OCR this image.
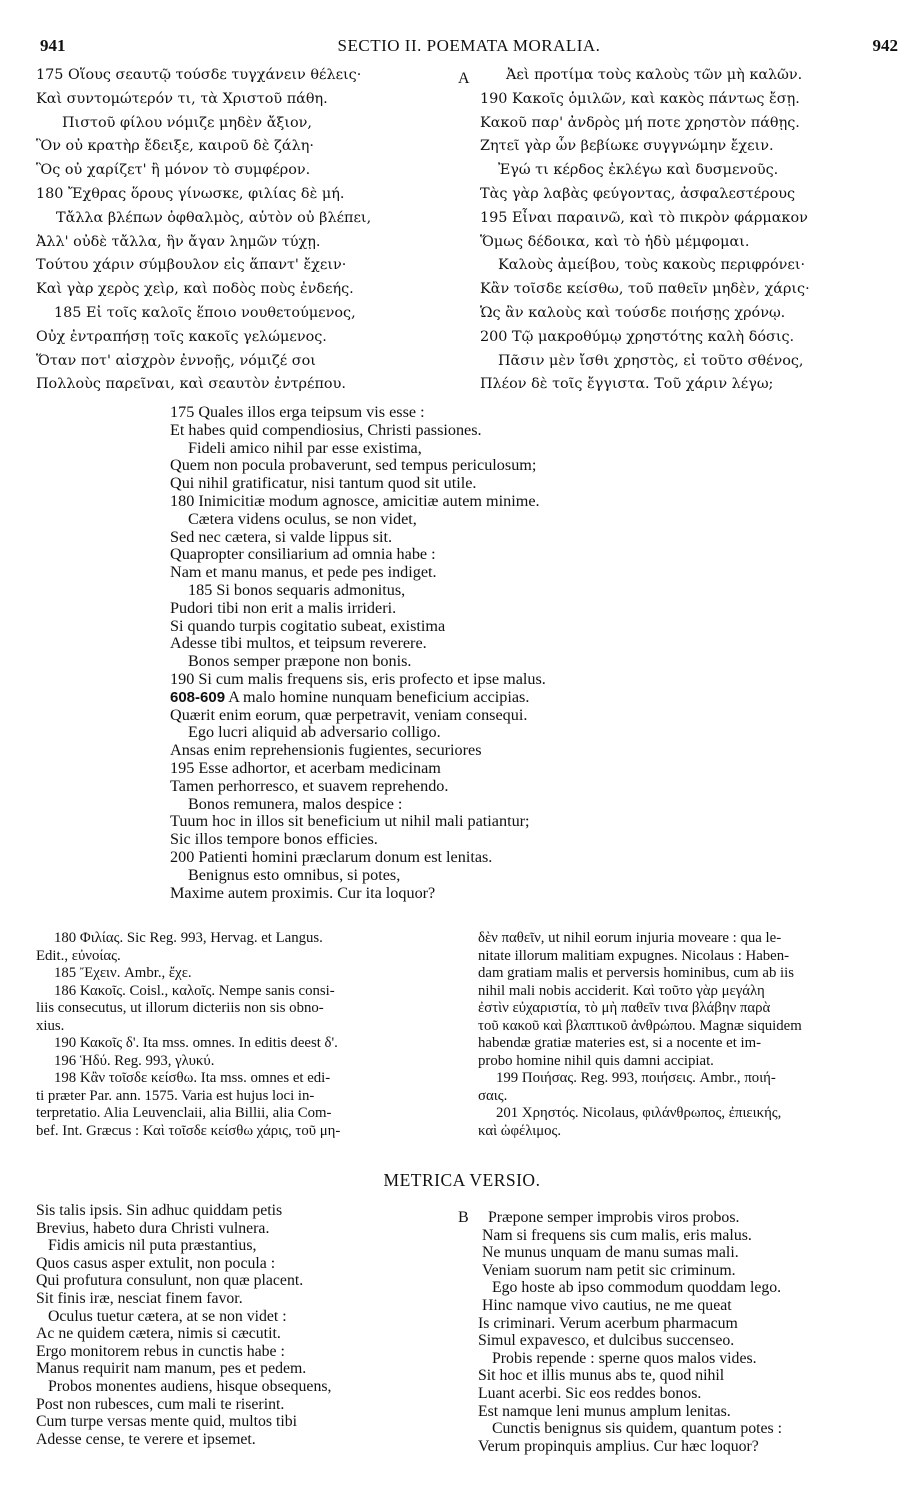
941	SECTIO II. POEMATA MORALIA.	942
175 Οἵους σεαυτῷ τούσδε τυγχάνειν θέλεις·
Καὶ συντομώτερόν τι, τὰ Χριστοῦ πάθη.
Πιστοῦ φίλου νόμιζε μηδὲν ἄξιον,
Ὃν οὐ κρατὴρ ἔδειξε, καιροῦ δὲ ζάλη·
Ὃς οὐ χαρίζετ' ἢ μόνον τὸ συμφέρον.
180 Ἔχθρας ὅρους γίνωσκε, φιλίας δὲ μή.
Τἄλλα βλέπων ὀφθαλμὸς, αὑτὸν οὐ βλέπει,
Ἀλλ' οὐδὲ τἄλλα, ἣν ἄγαν λημῶν τύχῃ.
Τούτου χάριν σύμβουλον εἰς ἅπαντ' ἔχειν·
Καὶ γὰρ χερὸς χεὶρ, καὶ ποδὸς ποὺς ἐνδεής.
185 Εἰ τοῖς καλοῖς ἕποιο νουθετούμενος,
Οὐχ ἐντραπήσῃ τοῖς κακοῖς γελώμενος.
Ὅταν ποτ' αἰσχρὸν ἐννοῇς, νόμιζέ σοι
Πολλοὺς παρεῖναι, καὶ σεαυτὸν ἐντρέπου.
A	Ἀεὶ προτίμα τοὺς καλοὺς τῶν μὴ καλῶν.
190 Κακοῖς ὁμιλῶν, καὶ κακὸς πάντως ἔσῃ.
Κακοῦ παρ' ἀνδρὸς μή ποτε χρηστὸν πάθῃς.
Ζητεῖ γὰρ ὧν βεβίωκε συγγνώμην ἔχειν.
Ἐγώ τι κέρδος ἐκλέγω καὶ δυσμενοῦς.
Τὰς γὰρ λαβὰς φεύγοντας, ἀσφαλεστέρους
195 Εἶναι παραινῶ, καὶ τὸ πικρὸν φάρμακον
Ὅμως δέδοικα, καὶ τὸ ἡδὺ μέμφομαι.
Καλοὺς ἀμείβου, τοὺς κακοὺς περιφρόνει·
Κἂν τοῖσδε κείσθω, τοῦ παθεῖν μηδὲν, χάρις·
Ὡς ἂν καλοὺς καὶ τούσδε ποιήσῃς χρόνῳ.
200 Τῷ μακροθύμῳ χρηστότης καλὴ δόσις.
Πᾶσιν μὲν ἴσθι χρηστὸς, εἰ τοῦτο σθένος,
Πλέον δὲ τοῖς ἔγγιστα. Τοῦ χάριν λέγω;
175 Quales illos erga teipsum vis esse :
Et habes quid compendiosius, Christi passiones.
Fideli amico nihil par esse existima,
Quem non pocula probaverunt, sed tempus periculosum;
Qui nihil gratificatur, nisi tantum quod sit utile.
180 Inimicitiæ modum agnosce, amicitiæ autem minime.
Cætera videns oculus, se non videt,
Sed nec cætera, si valde lippus sit.
Quapropter consiliarium ad omnia habe :
Nam et manu manus, et pede pes indiget.
185 Si bonos sequaris admonitus,
Pudori tibi non erit a malis irrideri.
Si quando turpis cogitatio subeat, existima
Adesse tibi multos, et teipsum reverere.
Bonos semper præpone non bonis.
190 Si cum malis frequens sis, eris profecto et ipse malus.
608-609 A malo homine nunquam beneficium accipias.
Quærit enim eorum, quæ perpetravit, veniam consequi.
Ego lucri aliquid ab adversario colligo.
Ansas enim reprehensionis fugientes, securiores
195 Esse adhortor, et acerbam medicinam
Tamen perhorresco, et suavem reprehendo.
Bonos remunera, malos despice :
Tuum hoc in illos sit beneficium ut nihil mali patiantur;
Sic illos tempore bonos efficies.
200 Patienti homini præclarum donum est lenitas.
Benignus esto omnibus, si potes,
Maxime autem proximis. Cur ita loquor?
180 Φιλίας. Sic Reg. 993, Hervag. et Langus.
Edit., εὐνοίας.
185 Ἔχειν. Ambr., ἔχε.
186 Κακοῖς. Coisl., καλοῖς. Nempe sanis consi-
liis consecutus, ut illorum dicteriis non sis obno-
xius.
190 Κακοῖς δ'. Ita mss. omnes. In editis deest δ'.
196 Ἡδύ. Reg. 993, γλυκύ.
198 Κἂν τοῖσδε κείσθω. Ita mss. omnes et edi-
ti præter Par. ann. 1575. Varia est hujus loci in-
terpretatio. Alia Leuvenclaii, alia Billii, alia Com-
bef. Int. Græcus : Καὶ τοῖσδε κείσθω χάρις, τοῦ μη-
δὲν παθεῖν, ut nihil eorum injuria moveare : qua le-
nitate illorum malitiam expugnes. Nicolaus : Haben-
dam gratiam malis et perversis hominibus, cum ab iis
nihil mali nobis acciderit. Καὶ τοῦτο γὰρ μεγάλη
ἐστὶν εὐχαριστία, τὸ μὴ παθεῖν τινα βλάβην παρὰ
τοῦ κακοῦ καὶ βλαπτικοῦ ἀνθρώπου. Magnæ siquidem
habendæ gratiæ materies est, si a nocente et im-
probo homine nihil quis damni accipiat.
199 Ποιήσας. Reg. 993, ποιήσεις. Ambr., ποιή-
σαις.
201 Χρηστός. Nicolaus, φιλάνθρωπος, ἐπιεικής,
καὶ ὠφέλιμος.
METRICA VERSIO.
Sis talis ipsis. Sin adhuc quiddam petis
Brevius, habeto dura Christi vulnera.
Fidis amicis nil puta præstantius,
Quos casus asper extulit, non pocula :
Qui profutura consulunt, non quæ placent.
Sit finis iræ, nesciat finem favor.
Oculus tuetur cætera, at se non videt :
Ac ne quidem cætera, nimis si cæcutit.
Ergo monitorem rebus in cunctis habe :
Manus requirit nam manum, pes et pedem.
Probos monentes audiens, hisque obsequens,
Post non rubesces, cum mali te riserint.
Cum turpe versas mente quid, multos tibi
Adesse cense, te verere et ipsemet.
B	Præpone semper improbis viros probos.
Nam si frequens sis cum malis, eris malus.
Ne munus unquam de manu sumas mali.
Veniam suorum nam petit sic criminum.
Ego hoste ab ipso commodum quoddam lego.
Hinc namque vivo cautius, ne me queat
Is criminari. Verum acerbum pharmacum
Simul expavesco, et dulcibus succenseo.
Probis repende : sperne quos malos vides.
Sit hoc et illis munus abs te, quod nihil
Luant acerbi. Sic eos reddes bonos.
Est namque leni munus amplum lenitas.
Cunctis benignus sis quidem, quantum potes :
Verum propinquis amplius. Cur hæc loquor?
